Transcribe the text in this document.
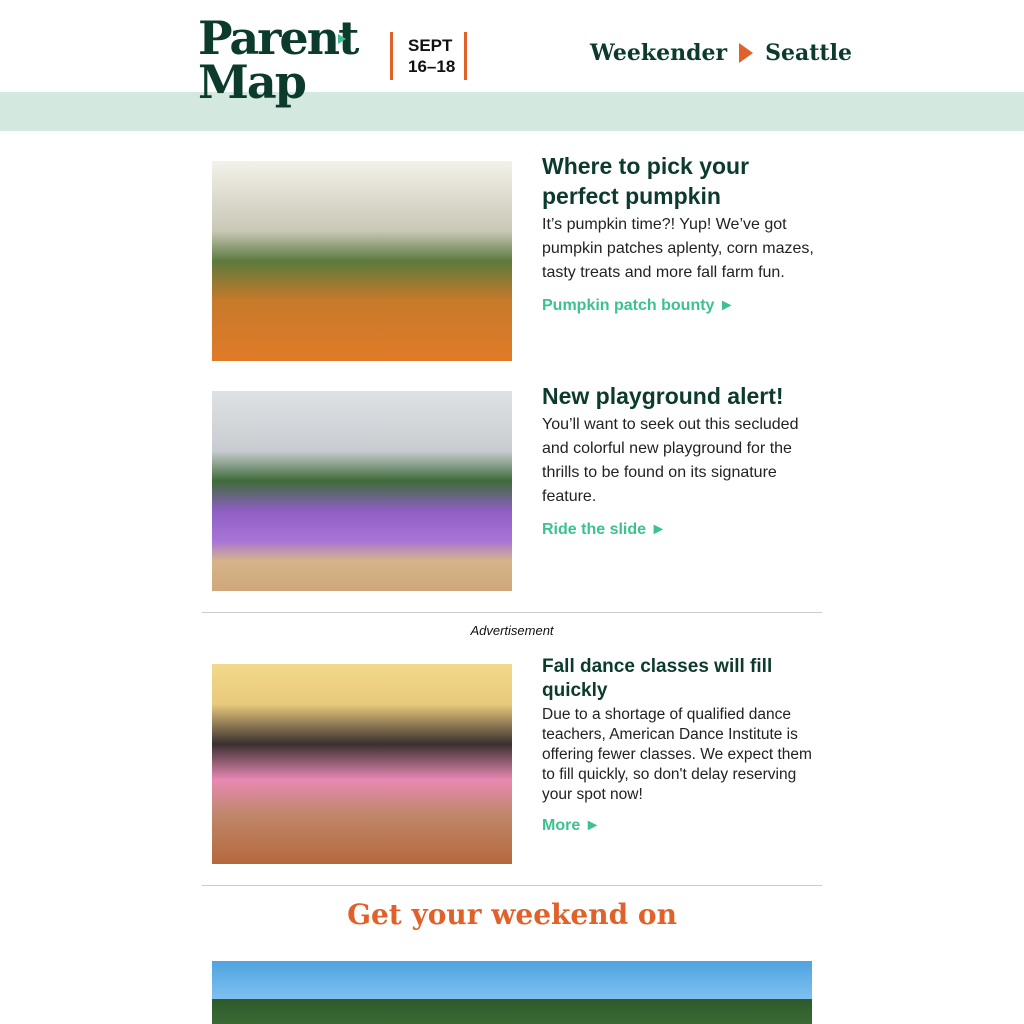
Parent
Map
SEPT
16–18
Weekender Seattle
Where to pick your perfect pumpkin
It’s pumpkin time?! Yup! We’ve got pumpkin patches aplenty, corn mazes, tasty treats and more fall farm fun.
Pumpkin patch bounty ►
New playground alert!
You’ll want to seek out this secluded and colorful new playground for the thrills to be found on its signature feature.
Ride the slide ►
Advertisement
Fall dance classes will fill quickly
Due to a shortage of qualified dance teachers, American Dance Institute is offering fewer classes. We expect them to fill quickly, so don't delay reserving your spot now!
More ►
Get your weekend on
